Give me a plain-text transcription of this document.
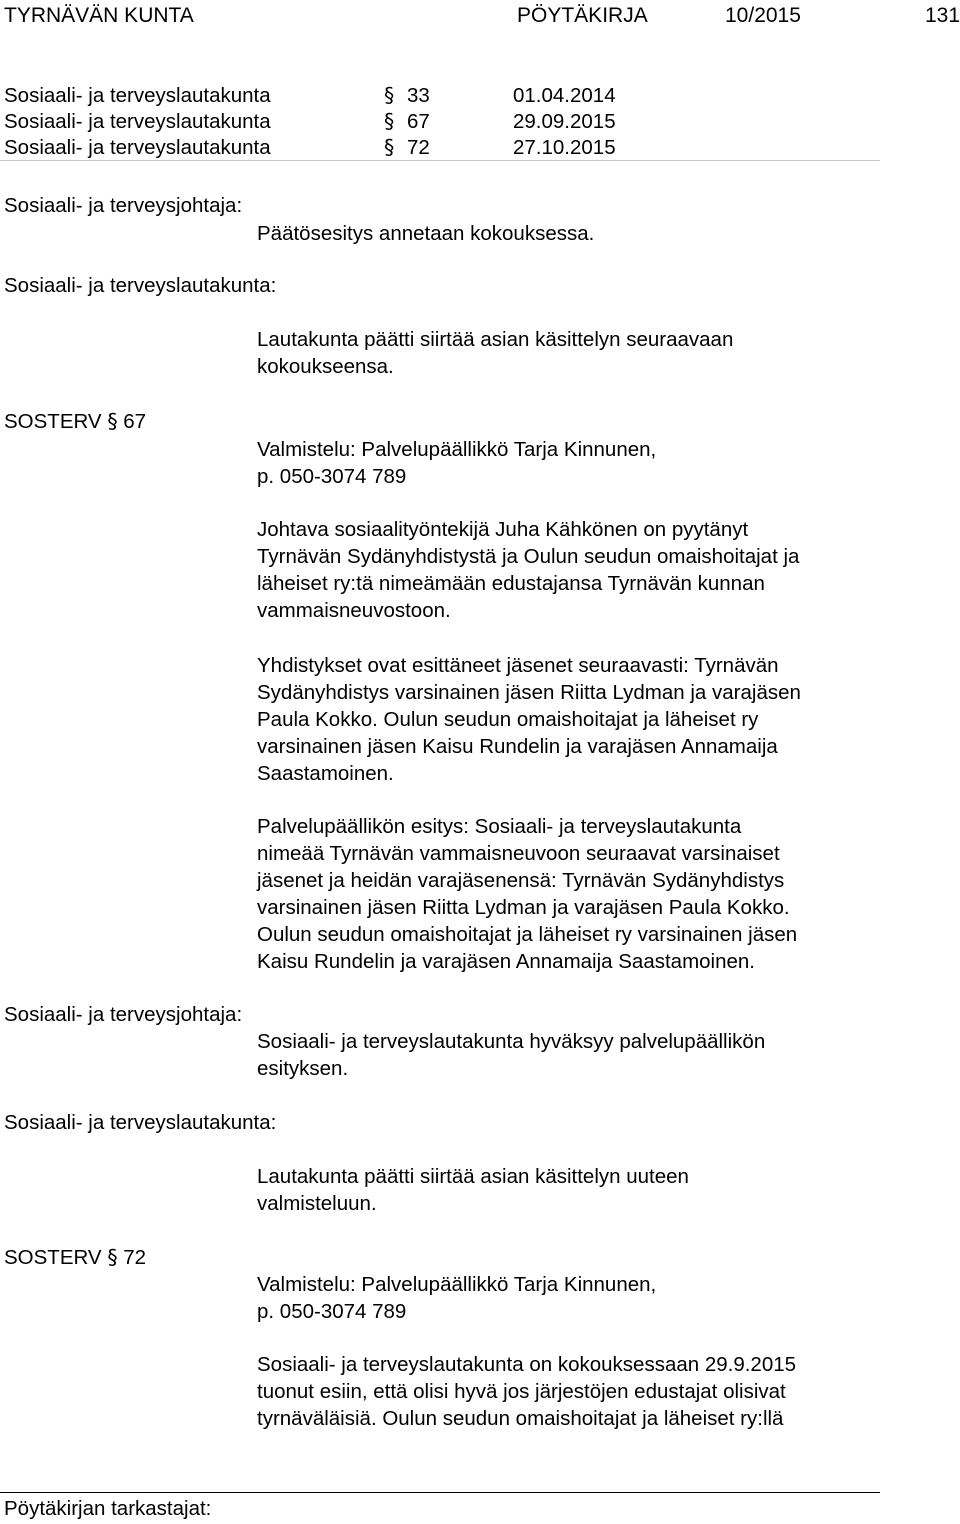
TYRNÄVÄN KUNTA	PÖYTÄKIRJA	10/2015	131
Sosiaali- ja terveyslautakunta	§ 33	01.04.2014
Sosiaali- ja terveyslautakunta	§ 67	29.09.2015
Sosiaali- ja terveyslautakunta	§ 72	27.10.2015
Sosiaali- ja terveysjohtaja:
Päätösesitys annetaan kokouksessa.
Sosiaali- ja terveyslautakunta:
Lautakunta päätti siirtää asian käsittelyn seuraavaan
kokoukseensa.
SOSTERV § 67
Valmistelu: Palvelupäällikkö Tarja Kinnunen,
p. 050-3074 789
Johtava sosiaalityöntekijä Juha Kähkönen on pyytänyt
Tyrnävän Sydänyhdistystä ja Oulun seudun omaishoitajat ja
läheiset ry:tä nimeämään edustajansa Tyrnävän kunnan
vammaisneuvostoon.
Yhdistykset ovat esittäneet jäsenet seuraavasti: Tyrnävän
Sydänyhdistys varsinainen jäsen Riitta Lydman ja varajäsen
Paula Kokko. Oulun seudun omaishoitajat ja läheiset ry
varsinainen jäsen Kaisu Rundelin ja varajäsen Annamaija
Saastamoinen.
Palvelupäällikön esitys: Sosiaali- ja terveyslautakunta
nimeää Tyrnävän vammaisneuvoon seuraavat varsinaiset
jäsenet ja heidän varajäsenensä: Tyrnävän Sydänyhdistys
varsinainen jäsen Riitta Lydman ja varajäsen Paula Kokko.
Oulun seudun omaishoitajat ja läheiset ry varsinainen jäsen
Kaisu Rundelin ja varajäsen Annamaija Saastamoinen.
Sosiaali- ja terveysjohtaja:
Sosiaali- ja terveyslautakunta hyväksyy palvelupäällikön
esityksen.
Sosiaali- ja terveyslautakunta:
Lautakunta päätti siirtää asian käsittelyn uuteen
valmisteluun.
SOSTERV § 72
Valmistelu: Palvelupäällikkö Tarja Kinnunen,
p. 050-3074 789
Sosiaali- ja terveyslautakunta on kokouksessaan 29.9.2015
tuonut esiin, että olisi hyvä jos järjestöjen edustajat olisivat
tyrnäväläisiä. Oulun seudun omaishoitajat ja läheiset ry:llä
Pöytäkirjan tarkastajat:
